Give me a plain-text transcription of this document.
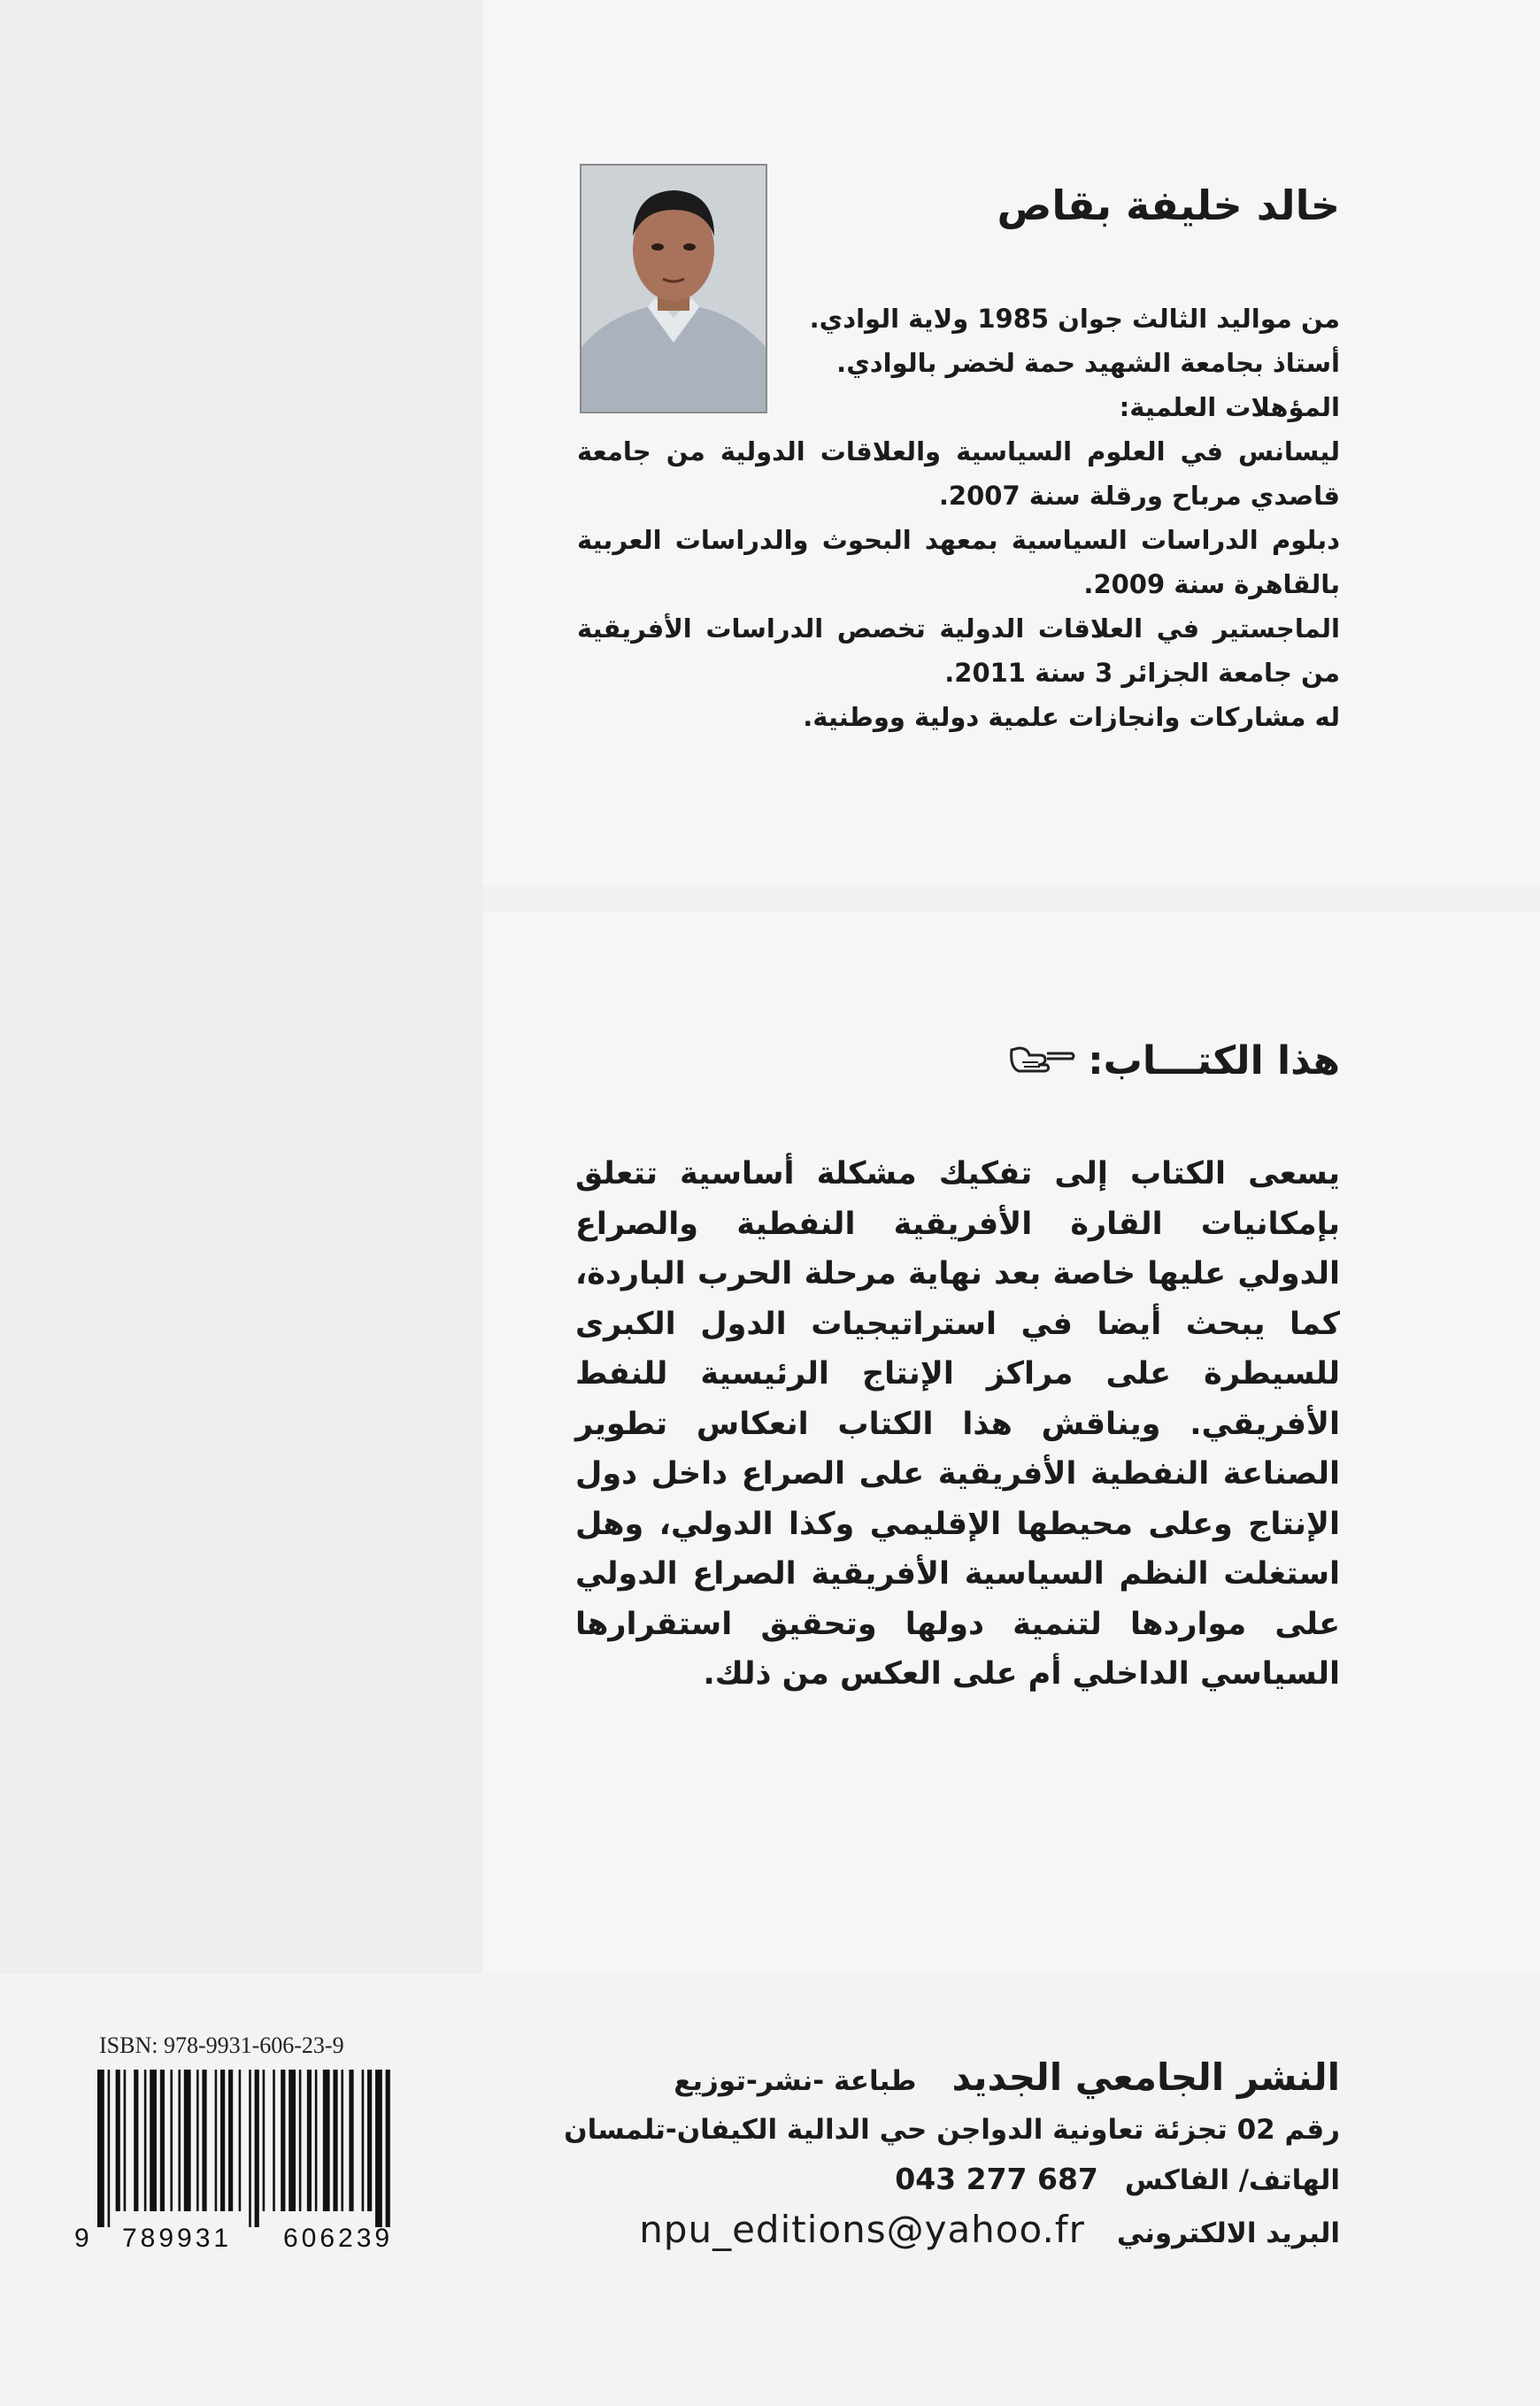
خالد خليفة بقاص

من مواليد الثالث جوان 1985 ولاية الوادي.

أستاذ بجامعة الشهيد حمة لخضر بالوادي.

المؤهلات العلمية:

ليسانس في العلوم السياسية والعلاقات الدولية من جامعة قاصدي مرباح ورقلة سنة 2007.

دبلوم الدراسات السياسية بمعهد البحوث والدراسات العربية بالقاهرة سنة 2009.

الماجستير في العلاقات الدولية تخصص الدراسات الأفريقية من جامعة الجزائر 3 سنة 2011.

له مشاركات وانجازات علمية دولية ووطنية.

هذا الكتـــاب:
يسعى الكتاب إلى تفكيك مشكلة أساسية تتعلق بإمكانيات القارة الأفريقية النفطية والصراع الدولي عليها خاصة بعد نهاية مرحلة الحرب الباردة، كما يبحث أيضا في استراتيجيات الدول الكبرى للسيطرة على مراكز الإنتاج الرئيسية للنفط الأفريقي. ويناقش هذا الكتاب انعكاس تطوير الصناعة النفطية الأفريقية على الصراع داخل دول الإنتاج وعلى محيطها الإقليمي وكذا الدولي، وهل استغلت النظم السياسية الأفريقية الصراع الدولي على مواردها لتنمية دولها وتحقيق استقرارها السياسي الداخلي أم على العكس من ذلك.
ISBN: 978-9931-606-23-9
9 789931 606239
النشر الجامعي الجديد
طباعة -نشر-توزيع
رقم 02 تجزئة تعاونية الدواجن حي الدالية الكيفان-تلمسان
الهاتف/ الفاكس
043 277 687
البريد الالكتروني
npu_editions@yahoo.fr
